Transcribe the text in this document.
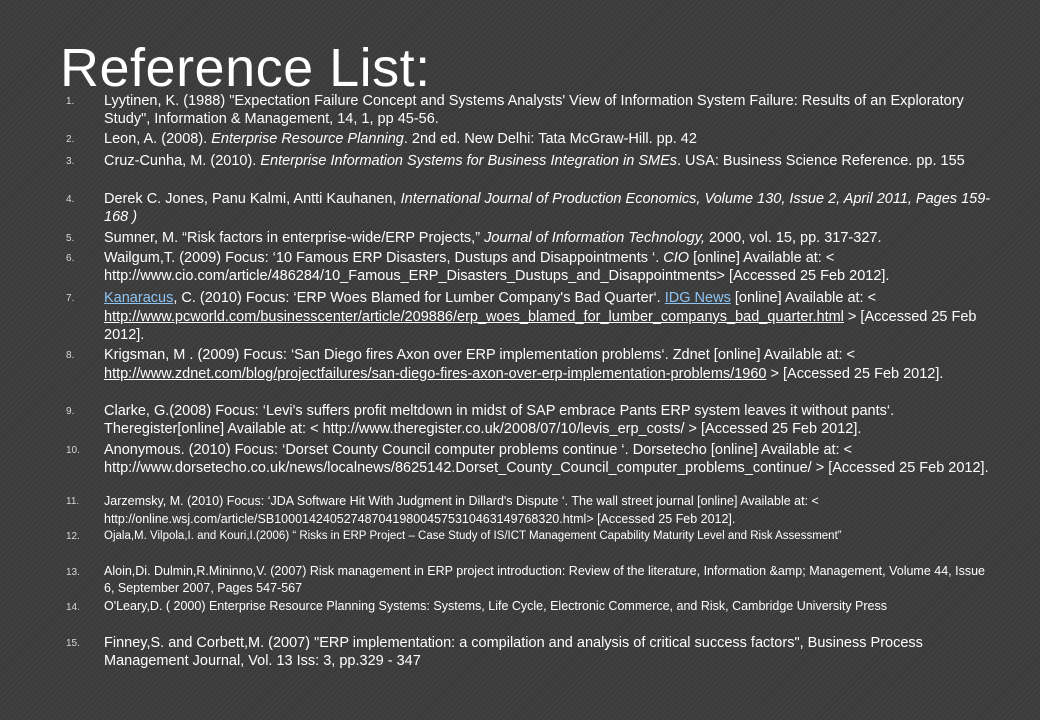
Reference List:
1. Lyytinen, K. (1988) "Expectation Failure Concept and Systems Analysts' View of Information System Failure: Results of an Exploratory Study", Information & Management, 14, 1, pp 45-56.
2. Leon, A. (2008). Enterprise Resource Planning. 2nd ed. New Delhi: Tata McGraw-Hill. pp. 42
3. Cruz-Cunha, M. (2010). Enterprise Information Systems for Business Integration in SMEs. USA: Business Science Reference. pp. 155
4. Derek C. Jones, Panu Kalmi, Antti Kauhanen, International Journal of Production Economics, Volume 130, Issue 2, April 2011, Pages 159-168 )
5. Sumner, M. “Risk factors in enterprise-wide/ERP Projects,” Journal of Information Technology, 2000, vol. 15, pp. 317-327.
6. Wailgum,T. (2009) Focus: ‘10 Famous ERP Disasters, Dustups and Disappointments ‘. CIO [online] Available at: < http://www.cio.com/article/486284/10_Famous_ERP_Disasters_Dustups_and_Disappointments> [Accessed 25 Feb 2012].
7. Kanaracus, C. (2010) Focus: ‘ERP Woes Blamed for Lumber Company's Bad Quarter‘. IDG News [online] Available at: < http://www.pcworld.com/businesscenter/article/209886/erp_woes_blamed_for_lumber_companys_bad_quarter.html > [Accessed 25 Feb 2012].
8. Krigsman, M . (2009) Focus: ‘San Diego fires Axon over ERP implementation problems‘. Zdnet [online] Available at: < http://www.zdnet.com/blog/projectfailures/san-diego-fires-axon-over-erp-implementation-problems/1960 > [Accessed 25 Feb 2012].
9. Clarke, G.(2008) Focus: ‘Levi's suffers profit meltdown in midst of SAP embrace Pants ERP system leaves it without pants‘. Theregister[online] Available at: < http://www.theregister.co.uk/2008/07/10/levis_erp_costs/ > [Accessed 25 Feb 2012].
10. Anonymous. (2010) Focus: ‘Dorset County Council computer problems continue ‘. Dorsetecho [online] Available at: < http://www.dorsetecho.co.uk/news/localnews/8625142.Dorset_County_Council_computer_problems_continue/ > [Accessed 25 Feb 2012].
11. Jarzemsky, M. (2010) Focus: ‘JDA Software Hit With Judgment in Dillard's Dispute ‘. The wall street journal [online] Available at: < http://online.wsj.com/article/SB10001424052748704198004575310463149768320.html> [Accessed 25 Feb 2012].
12. Ojala,M. Vilpola,I. and Kouri,I.(2006) “ Risks in ERP Project – Case Study of IS/ICT Management Capability Maturity Level and Risk Assessment”
13. Aloin,Di. Dulmin,R.Mininno,V. (2007) Risk management in ERP project introduction: Review of the literature, Information &amp; Management, Volume 44, Issue 6, September 2007, Pages 547-567
14. O'Leary,D. ( 2000) Enterprise Resource Planning Systems: Systems, Life Cycle, Electronic Commerce, and Risk, Cambridge University Press
15. Finney,S. and Corbett,M. (2007) "ERP implementation: a compilation and analysis of critical success factors", Business Process Management Journal, Vol. 13 Iss: 3, pp.329 - 347
